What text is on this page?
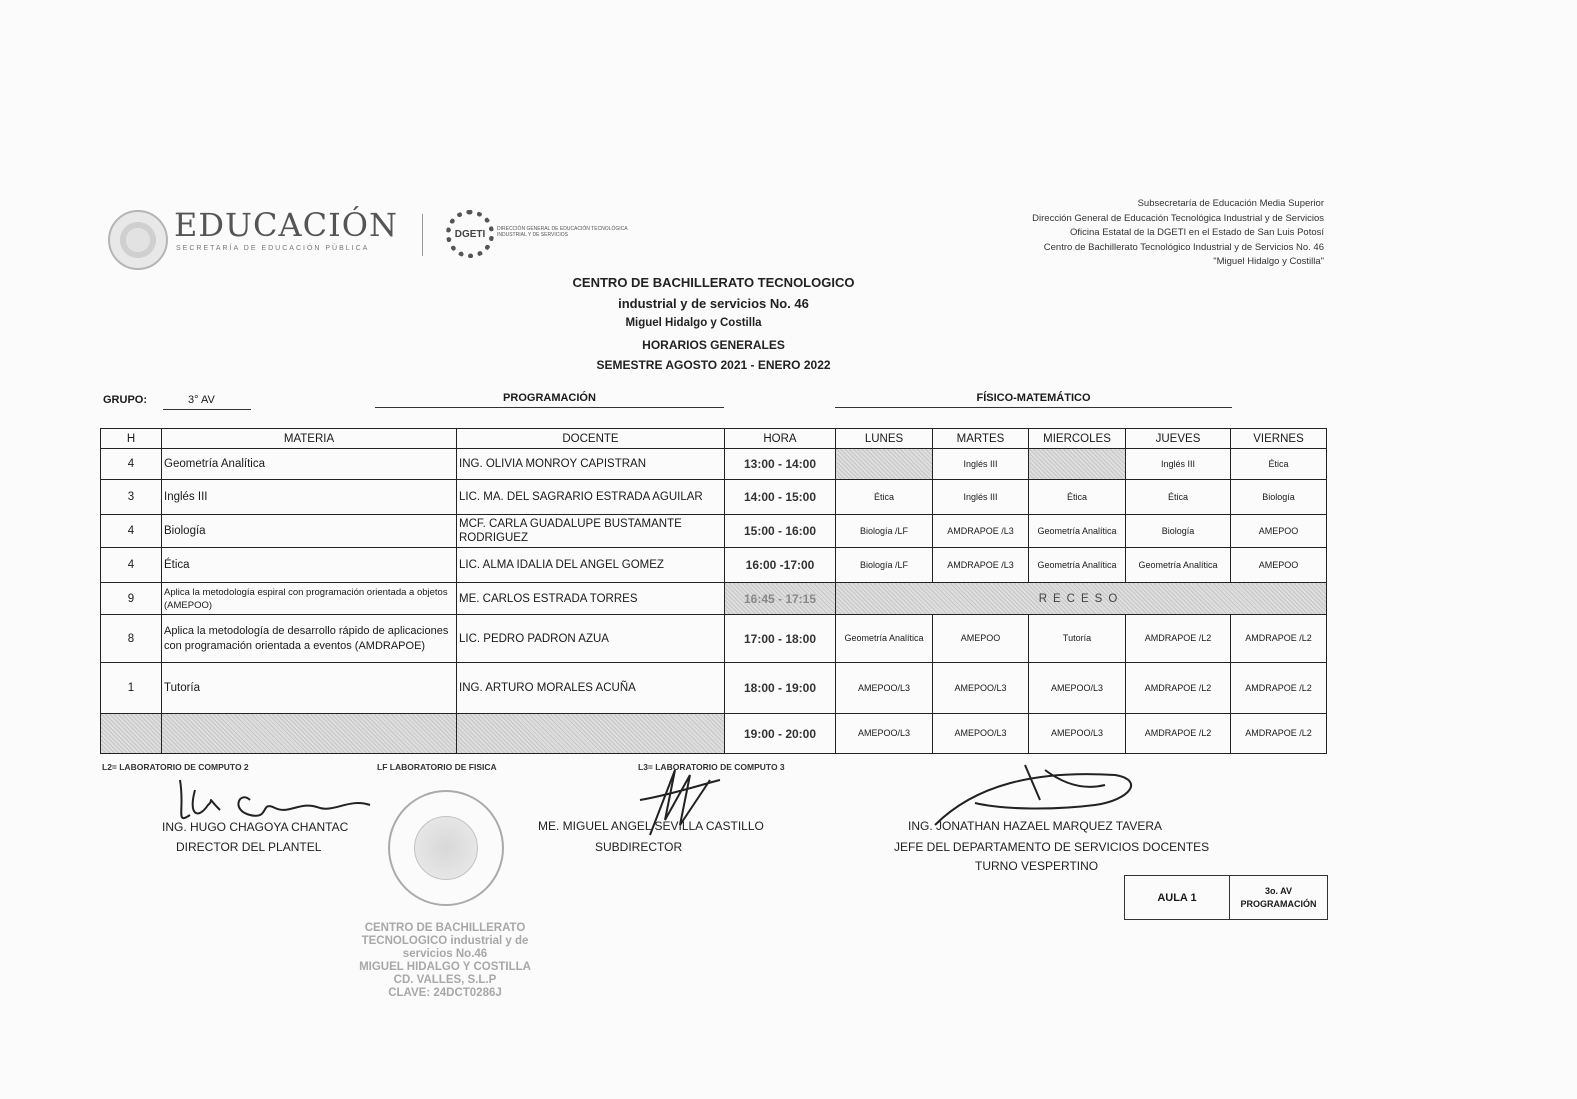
EDUCACIÓN
SECRETARÍA DE EDUCACIÓN PÚBLICA
DGETI DIRECCIÓN GENERAL DE EDUCACIÓN TECNOLÓGICA INDUSTRIAL Y DE SERVICIOS
Subsecretaría de Educación Media Superior
Dirección General de Educación Tecnológica Industrial y de Servicios
Oficina Estatal de la DGETI en el Estado de San Luis Potosí
Centro de Bachillerato Tecnológico Industrial y de Servicios No. 46
"Miguel Hidalgo y Costilla"
CENTRO DE BACHILLERATO TECNOLOGICO
industrial y de servicios No. 46
Miguel Hidalgo y Costilla
HORARIOS GENERALES
SEMESTRE AGOSTO 2021 - ENERO 2022
GRUPO:	3° AV	PROGRAMACIÓN	FÍSICO-MATEMÁTICO
H	MATERIA	DOCENTE	HORA	LUNES	MARTES	MIERCOLES	JUEVES	VIERNES
4	Geometría Analítica	ING. OLIVIA MONROY CAPISTRAN	13:00 - 14:00		Inglés III		Inglés III	Ética
3	Inglés III	LIC. MA. DEL SAGRARIO ESTRADA AGUILAR	14:00 - 15:00	Ética	Inglés III	Ética	Ética	Biología
4	Biología	MCF. CARLA GUADALUPE BUSTAMANTE RODRIGUEZ	15:00 - 16:00	Biología /LF	AMDRAPOE /L3	Geometría Analítica	Biología	AMEPOO
4	Ética	LIC. ALMA IDALIA DEL ANGEL GOMEZ	16:00 -17:00	Biología /LF	AMDRAPOE /L3	Geometría Analítica	Geometría Analítica	AMEPOO
9	Aplica la metodología espiral con programación orientada a objetos (AMEPOO)	ME. CARLOS ESTRADA TORRES	16:45 - 17:15	RECESO				
8	Aplica la metodología de desarrollo rápido de aplicaciones con programación orientada a eventos (AMDRAPOE)	LIC. PEDRO PADRON AZUA	17:00 - 18:00	Geometría Analítica	AMEPOO	Tutoría	AMDRAPOE /L2	AMDRAPOE /L2
1	Tutoría	ING. ARTURO MORALES ACUÑA	18:00 - 19:00	AMEPOO/L3	AMEPOO/L3	AMEPOO/L3	AMDRAPOE /L2	AMDRAPOE /L2
			19:00 - 20:00	AMEPOO/L3	AMEPOO/L3	AMEPOO/L3	AMDRAPOE /L2	AMDRAPOE /L2
L2= LABORATORIO DE COMPUTO 2	LF LABORATORIO DE FISICA	L3= LABORATORIO DE COMPUTO 3
ING. HUGO CHAGOYA CHANTAC
DIRECTOR DEL PLANTEL
ME. MIGUEL ANGEL SEVILLA CASTILLO
SUBDIRECTOR
ING. JONATHAN HAZAEL MARQUEZ TAVERA
JEFE DEL DEPARTAMENTO DE SERVICIOS DOCENTES
TURNO VESPERTINO
CENTRO DE BACHILLERATO
TECNOLOGICO industrial y de
servicios No.46
MIGUEL HIDALGO Y COSTILLA
CD. VALLES, S.L.P
CLAVE: 24DCT0286J
AULA 1
3o. AV
PROGRAMACIÓN
